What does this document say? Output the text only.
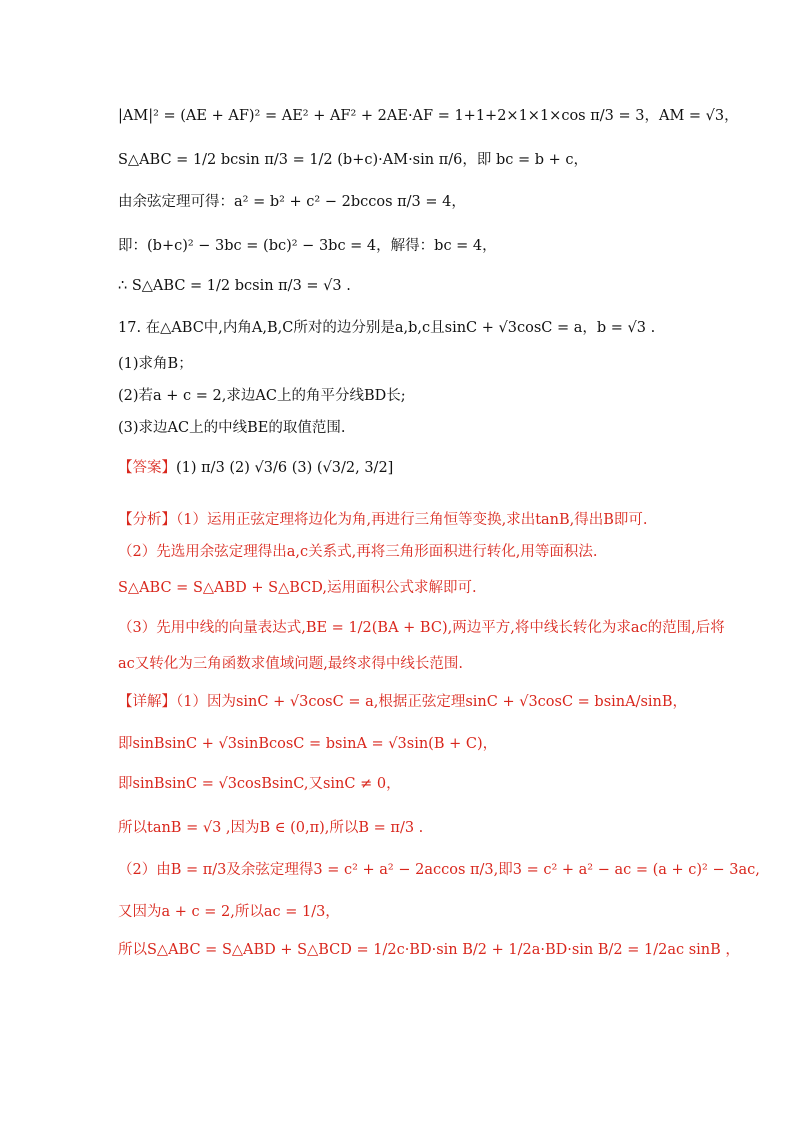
|AM|² = (AE + AF)² = AE² + AF² + 2AE·AF = 1+1+2×1×1×cos π/3 = 3，AM = √3，
S△ABC = 1/2 bcsin π/3 = 1/2 (b+c)·AM·sin π/6，即 bc = b + c，
由余弦定理可得：a² = b² + c² − 2bccos π/3 = 4，
即：(b+c)² − 3bc = (bc)² − 3bc = 4，解得：bc = 4，
∴ S△ABC = 1/2 bcsin π/3 = √3 .
17. 在△ABC中,内角A,B,C所对的边分别是a,b,c且sinC + √3cosC = a，b = √3 .
(1)求角B；
(2)若a + c = 2,求边AC上的角平分线BD长;
(3)求边AC上的中线BE的取值范围.
【答案】(1) π/3 (2) √3/6 (3) (√3/2, 3/2]
【分析】（1）运用正弦定理将边化为角,再进行三角恒等变换,求出tanB,得出B即可.
（2）先选用余弦定理得出a,c关系式,再将三角形面积进行转化,用等面积法.
S△ABC = S△ABD + S△BCD,运用面积公式求解即可.
（3）先用中线的向量表达式,BE = 1/2(BA + BC),两边平方,将中线长转化为求ac的范围,后将
ac又转化为三角函数求值域问题,最终求得中线长范围.
【详解】（1）因为sinC + √3cosC = a,根据正弦定理sinC + √3cosC = bsinA/sinB，
即sinBsinC + √3sinBcosC = bsinA = √3sin(B + C)，
即sinBsinC = √3cosBsinC,又sinC ≠ 0，
所以tanB = √3 ,因为B ∈ (0,π),所以B = π/3 .
（2）由B = π/3及余弦定理得3 = c² + a² − 2accos π/3,即3 = c² + a² − ac = (a + c)² − 3ac,
又因为a + c = 2,所以ac = 1/3，
所以S△ABC = S△ABD + S△BCD = 1/2c·BD·sin B/2 + 1/2a·BD·sin B/2 = 1/2ac sinB ，
